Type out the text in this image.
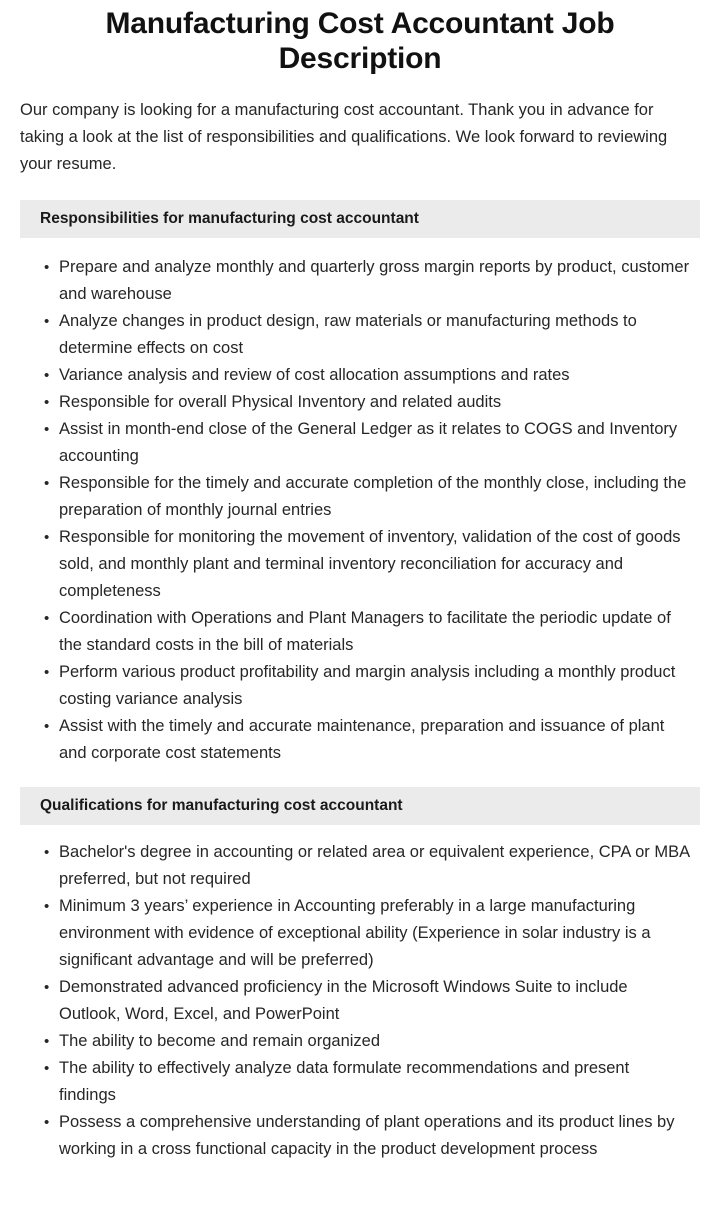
Manufacturing Cost Accountant Job Description

Our company is looking for a manufacturing cost accountant. Thank you in advance for taking a look at the list of responsibilities and qualifications. We look forward to reviewing your resume.

Responsibilities for manufacturing cost accountant
• Prepare and analyze monthly and quarterly gross margin reports by product, customer and warehouse
• Analyze changes in product design, raw materials or manufacturing methods to determine effects on cost
• Variance analysis and review of cost allocation assumptions and rates
• Responsible for overall Physical Inventory and related audits
• Assist in month-end close of the General Ledger as it relates to COGS and Inventory accounting
• Responsible for the timely and accurate completion of the monthly close, including the preparation of monthly journal entries
• Responsible for monitoring the movement of inventory, validation of the cost of goods sold, and monthly plant and terminal inventory reconciliation for accuracy and completeness
• Coordination with Operations and Plant Managers to facilitate the periodic update of the standard costs in the bill of materials
• Perform various product profitability and margin analysis including a monthly product costing variance analysis
• Assist with the timely and accurate maintenance, preparation and issuance of plant and corporate cost statements
Qualifications for manufacturing cost accountant
• Bachelor's degree in accounting or related area or equivalent experience, CPA or MBA preferred, but not required
• Minimum 3 years’ experience in Accounting preferably in a large manufacturing environment with evidence of exceptional ability (Experience in solar industry is a significant advantage and will be preferred)
• Demonstrated advanced proficiency in the Microsoft Windows Suite to include Outlook, Word, Excel, and PowerPoint
• The ability to become and remain organized
• The ability to effectively analyze data formulate recommendations and present findings
• Possess a comprehensive understanding of plant operations and its product lines by working in a cross functional capacity in the product development process
